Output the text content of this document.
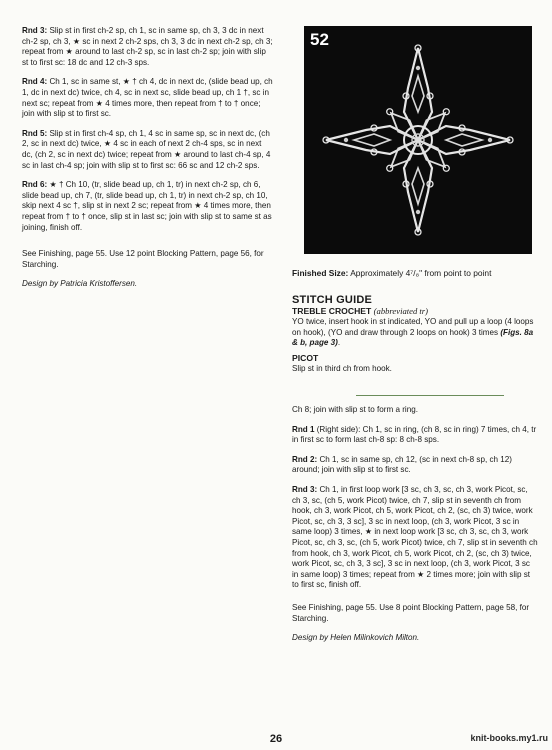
Rnd 3: Slip st in first ch-2 sp, ch 1, sc in same sp, ch 3, 3 dc in next ch-2 sp, ch 3, ★ sc in next 2 ch-2 sps, ch 3, 3 dc in next ch-2 sp, ch 3; repeat from ★ around to last ch-2 sp, sc in last ch-2 sp; join with slip st to first sc: 18 dc and 12 ch-3 sps.

Rnd 4: Ch 1, sc in same st, ★ † ch 4, dc in next dc, (slide bead up, ch 1, dc in next dc) twice, ch 4, sc in next sc, slide bead up, ch 1 †, sc in next sc; repeat from ★ 4 times more, then repeat from † to † once; join with slip st to first sc.

Rnd 5: Slip st in first ch-4 sp, ch 1, 4 sc in same sp, sc in next dc, (ch 2, sc in next dc) twice, ★ 4 sc in each of next 2 ch-4 sps, sc in next dc, (ch 2, sc in next dc) twice; repeat from ★ around to last ch-4 sp, 4 sc in last ch-4 sp; join with slip st to first sc: 66 sc and 12 ch-2 sps.

Rnd 6: ★ † Ch 10, (tr, slide bead up, ch 1, tr) in next ch-2 sp, ch 6, slide bead up, ch 7, (tr, slide bead up, ch 1, tr) in next ch-2 sp, ch 10, skip next 4 sc †, slip st in next 2 sc; repeat from ★ 4 times more, then repeat from † to † once, slip st in last sc; join with slip st to same st as joining, finish off.

See Finishing, page 55. Use 12 point Blocking Pattern, page 56, for Starching.

Design by Patricia Kristoffersen.

52

Finished Size: Approximately 4⁷/₈" from point to point

STITCH GUIDE
TREBLE CROCHET (abbreviated tr)

YO twice, insert hook in st indicated, YO and pull up a loop (4 loops on hook), (YO and draw through 2 loops on hook) 3 times (Figs. 8a & b, page 3).

PICOT

Slip st in third ch from hook.

Ch 8; join with slip st to form a ring.

Rnd 1 (Right side): Ch 1, sc in ring, (ch 8, sc in ring) 7 times, ch 4, tr in first sc to form last ch-8 sp: 8 ch-8 sps.

Rnd 2: Ch 1, sc in same sp, ch 12, (sc in next ch-8 sp, ch 12) around; join with slip st to first sc.

Rnd 3: Ch 1, in first loop work [3 sc, ch 3, sc, ch 3, work Picot, sc, ch 3, sc, (ch 5, work Picot) twice, ch 7, slip st in seventh ch from hook, ch 3, work Picot, ch 5, work Picot, ch 2, (sc, ch 3) twice, work Picot, sc, ch 3, 3 sc], 3 sc in next loop, (ch 3, work Picot, 3 sc in same loop) 3 times, ★ in next loop work [3 sc, ch 3, sc, ch 3, work Picot, sc, ch 3, sc, (ch 5, work Picot) twice, ch 7, slip st in seventh ch from hook, ch 3, work Picot, ch 5, work Picot, ch 2, (sc, ch 3) twice, work Picot, sc, ch 3, 3 sc], 3 sc in next loop, (ch 3, work Picot, 3 sc in same loop) 3 times; repeat from ★ 2 times more; join with slip st to first sc, finish off.

See Finishing, page 55. Use 8 point Blocking Pattern, page 58, for Starching.

Design by Helen Milinkovich Milton.

26	knit-books.my1.ru
